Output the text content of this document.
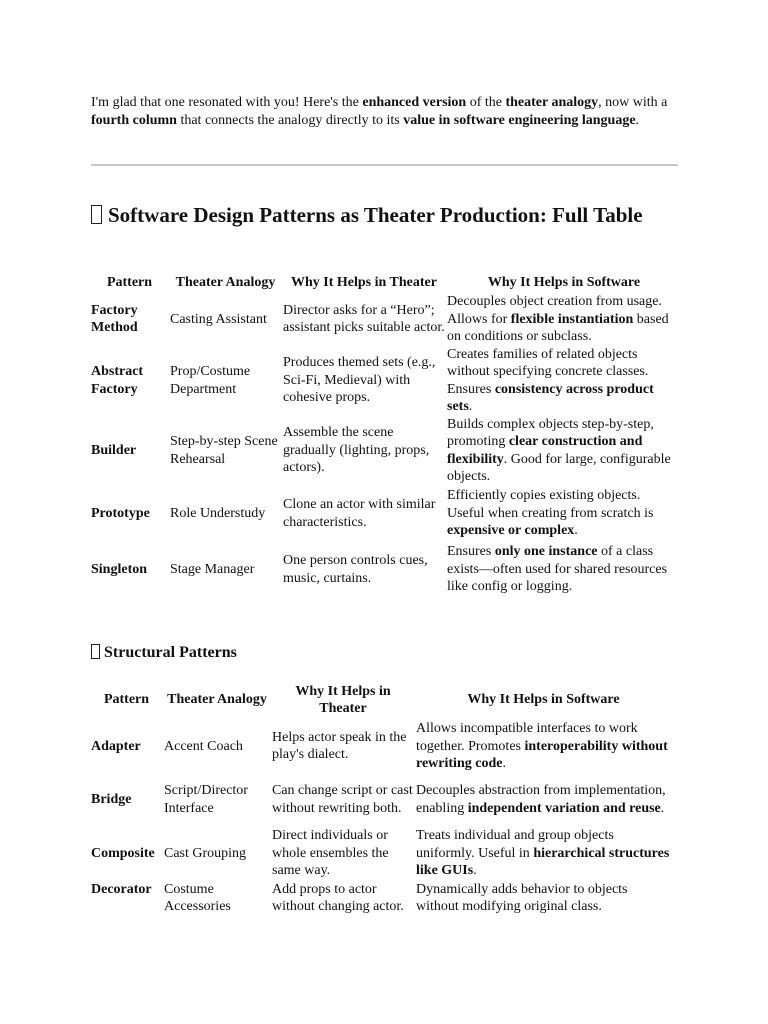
I'm glad that one resonated with you! Here's the enhanced version of the theater analogy, now with a fourth column that connects the analogy directly to its value in software engineering language.

Software Design Patterns as Theater Production: Full Table
Pattern	Theater Analogy	Why It Helps in Theater	Why It Helps in Software
Factory Method	Casting Assistant	Director asks for a “Hero”; assistant picks suitable actor.	Decouples object creation from usage. Allows for flexible instantiation based on conditions or subclass.
Abstract Factory	Prop/Costume Department	Produces themed sets (e.g., Sci-Fi, Medieval) with cohesive props.	Creates families of related objects without specifying concrete classes. Ensures consistency across product sets.
Builder	Step-by-step Scene Rehearsal	Assemble the scene gradually (lighting, props, actors).	Builds complex objects step-by-step, promoting clear construction and flexibility. Good for large, configurable objects.
Prototype	Role Understudy	Clone an actor with similar characteristics.	Efficiently copies existing objects. Useful when creating from scratch is expensive or complex.
Singleton	Stage Manager	One person controls cues, music, curtains.	Ensures only one instance of a class exists—often used for shared resources like config or logging.
Structural Patterns
Pattern	Theater Analogy	Why It Helps in Theater	Why It Helps in Software
Adapter	Accent Coach	Helps actor speak in the play's dialect.	Allows incompatible interfaces to work together. Promotes interoperability without rewriting code.
Bridge	Script/Director Interface	Can change script or cast without rewriting both.	Decouples abstraction from implementation, enabling independent variation and reuse.
Composite	Cast Grouping	Direct individuals or whole ensembles the same way.	Treats individual and group objects uniformly. Useful in hierarchical structures like GUIs.
Decorator	Costume Accessories	Add props to actor without changing actor.	Dynamically adds behavior to objects without modifying original class.
